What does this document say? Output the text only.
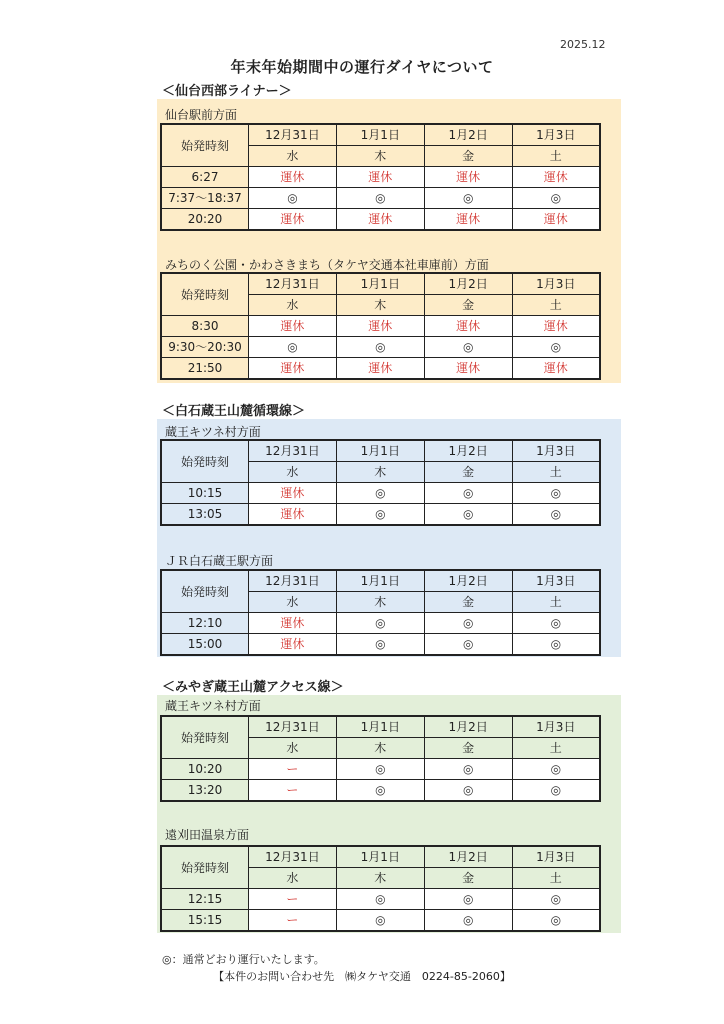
2025.12
年末年始期間中の運行ダイヤについて
＜仙台西部ライナー＞
仙台駅前方面
始発時刻	12月31日	1月1日	1月2日	1月3日
	水	木	金	土
6:27	運休	運休	運休	運休
7:37～18:37	◎	◎	◎	◎
20:20	運休	運休	運休	運休
みちのく公園・かわさきまち（タケヤ交通本社車庫前）方面
始発時刻	12月31日	1月1日	1月2日	1月3日
	水	木	金	土
8:30	運休	運休	運休	運休
9:30～20:30	◎	◎	◎	◎
21:50	運休	運休	運休	運休
＜白石蔵王山麓循環線＞
蔵王キツネ村方面
始発時刻	12月31日	1月1日	1月2日	1月3日
	水	木	金	土
10:15	運休	◎	◎	◎
13:05	運休	◎	◎	◎
ＪＲ白石蔵王駅方面
始発時刻	12月31日	1月1日	1月2日	1月3日
	水	木	金	土
12:10	運休	◎	◎	◎
15:00	運休	◎	◎	◎
＜みやぎ蔵王山麓アクセス線＞
蔵王キツネ村方面
始発時刻	12月31日	1月1日	1月2日	1月3日
	水	木	金	土
10:20	ー	◎	◎	◎
13:20	ー	◎	◎	◎
遠刈田温泉方面
始発時刻	12月31日	1月1日	1月2日	1月3日
	水	木	金	土
12:15	ー	◎	◎	◎
15:15	ー	◎	◎	◎
◎：通常どおり運行いたします。
【本件のお問い合わせ先　㈱タケヤ交通　0224-85-2060】
